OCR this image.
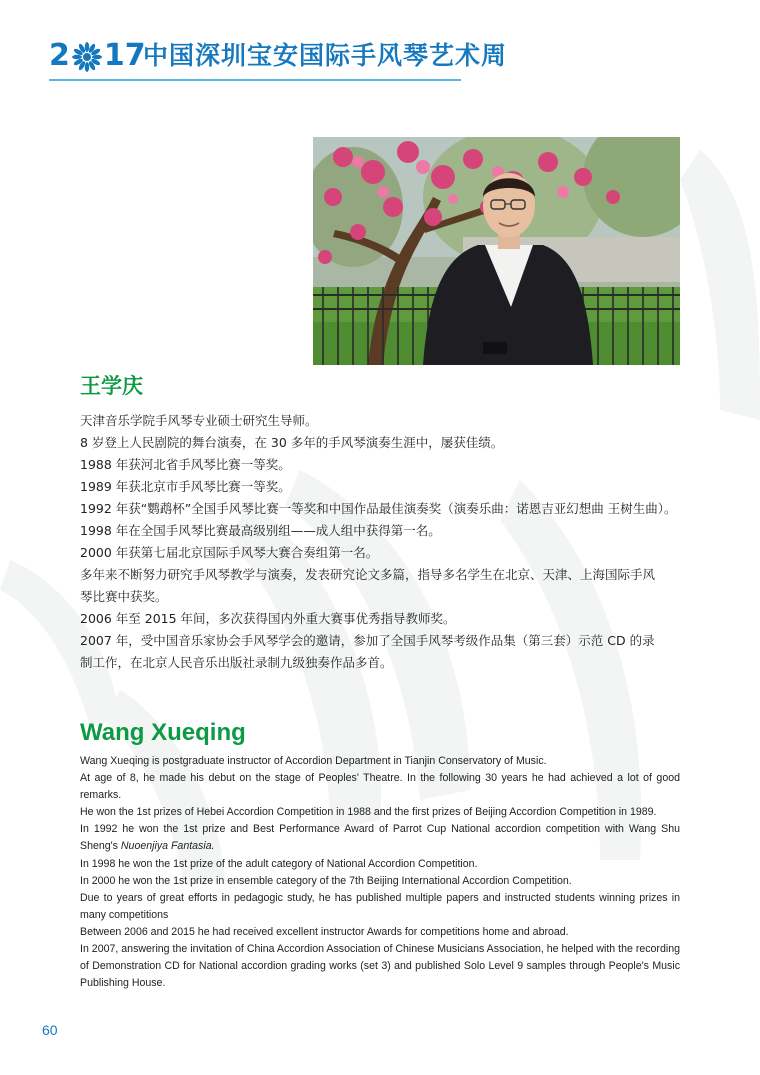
2 17
中国深圳宝安国际手风琴艺术周
王学庆

天津音乐学院手风琴专业硕士研究生导师。

8 岁登上人民剧院的舞台演奏，在 30 多年的手风琴演奏生涯中，屡获佳绩。

1988 年获河北省手风琴比赛一等奖。

1989 年获北京市手风琴比赛一等奖。

1992 年获“鹦鹉杯”全国手风琴比赛一等奖和中国作品最佳演奏奖（演奏乐曲：诺恩吉亚幻想曲 王树生曲）。

1998 年在全国手风琴比赛最高级别组——成人组中获得第一名。

2000 年获第七届北京国际手风琴大赛合奏组第一名。

多年来不断努力研究手风琴教学与演奏，发表研究论文多篇，指导多名学生在北京、天津、上海国际手风

琴比赛中获奖。

2006 年至 2015 年间，多次获得国内外重大赛事优秀指导教师奖。

2007 年，受中国音乐家协会手风琴学会的邀请，参加了全国手风琴考级作品集（第三套）示范 CD 的录

制工作，在北京人民音乐出版社录制九级独奏作品多首。

Wang Xueqing

Wang Xueqing is postgraduate instructor of Accordion Department in Tianjin Conservatory of Music.

At age of 8, he made his debut on the stage of Peoples' Theatre. In the following 30 years he had achieved a lot of good remarks.

He won the 1st prizes of Hebei Accordion Competition in 1988 and the first prizes of Beijing Accordion Competition in 1989.

In 1992 he won the 1st prize and Best Performance Award of Parrot Cup National accordion competition with Wang Shu Sheng's Nuoenjiya Fantasia.

In 1998 he won the 1st prize of the adult category of National Accordion Competition.

In 2000 he won the 1st prize in ensemble category of the 7th Beijing International Accordion Competition.

Due to years of great efforts in pedagogic study, he has published multiple papers and instructed students winning prizes in many competitions

Between 2006 and 2015 he had received excellent instructor Awards for competitions home and abroad.

In 2007, answering the invitation of China Accordion Association of Chinese Musicians Association, he helped with the recording of Demonstration CD for National accordion grading works (set 3) and published Solo Level 9 samples through People's Music Publishing House.

60
